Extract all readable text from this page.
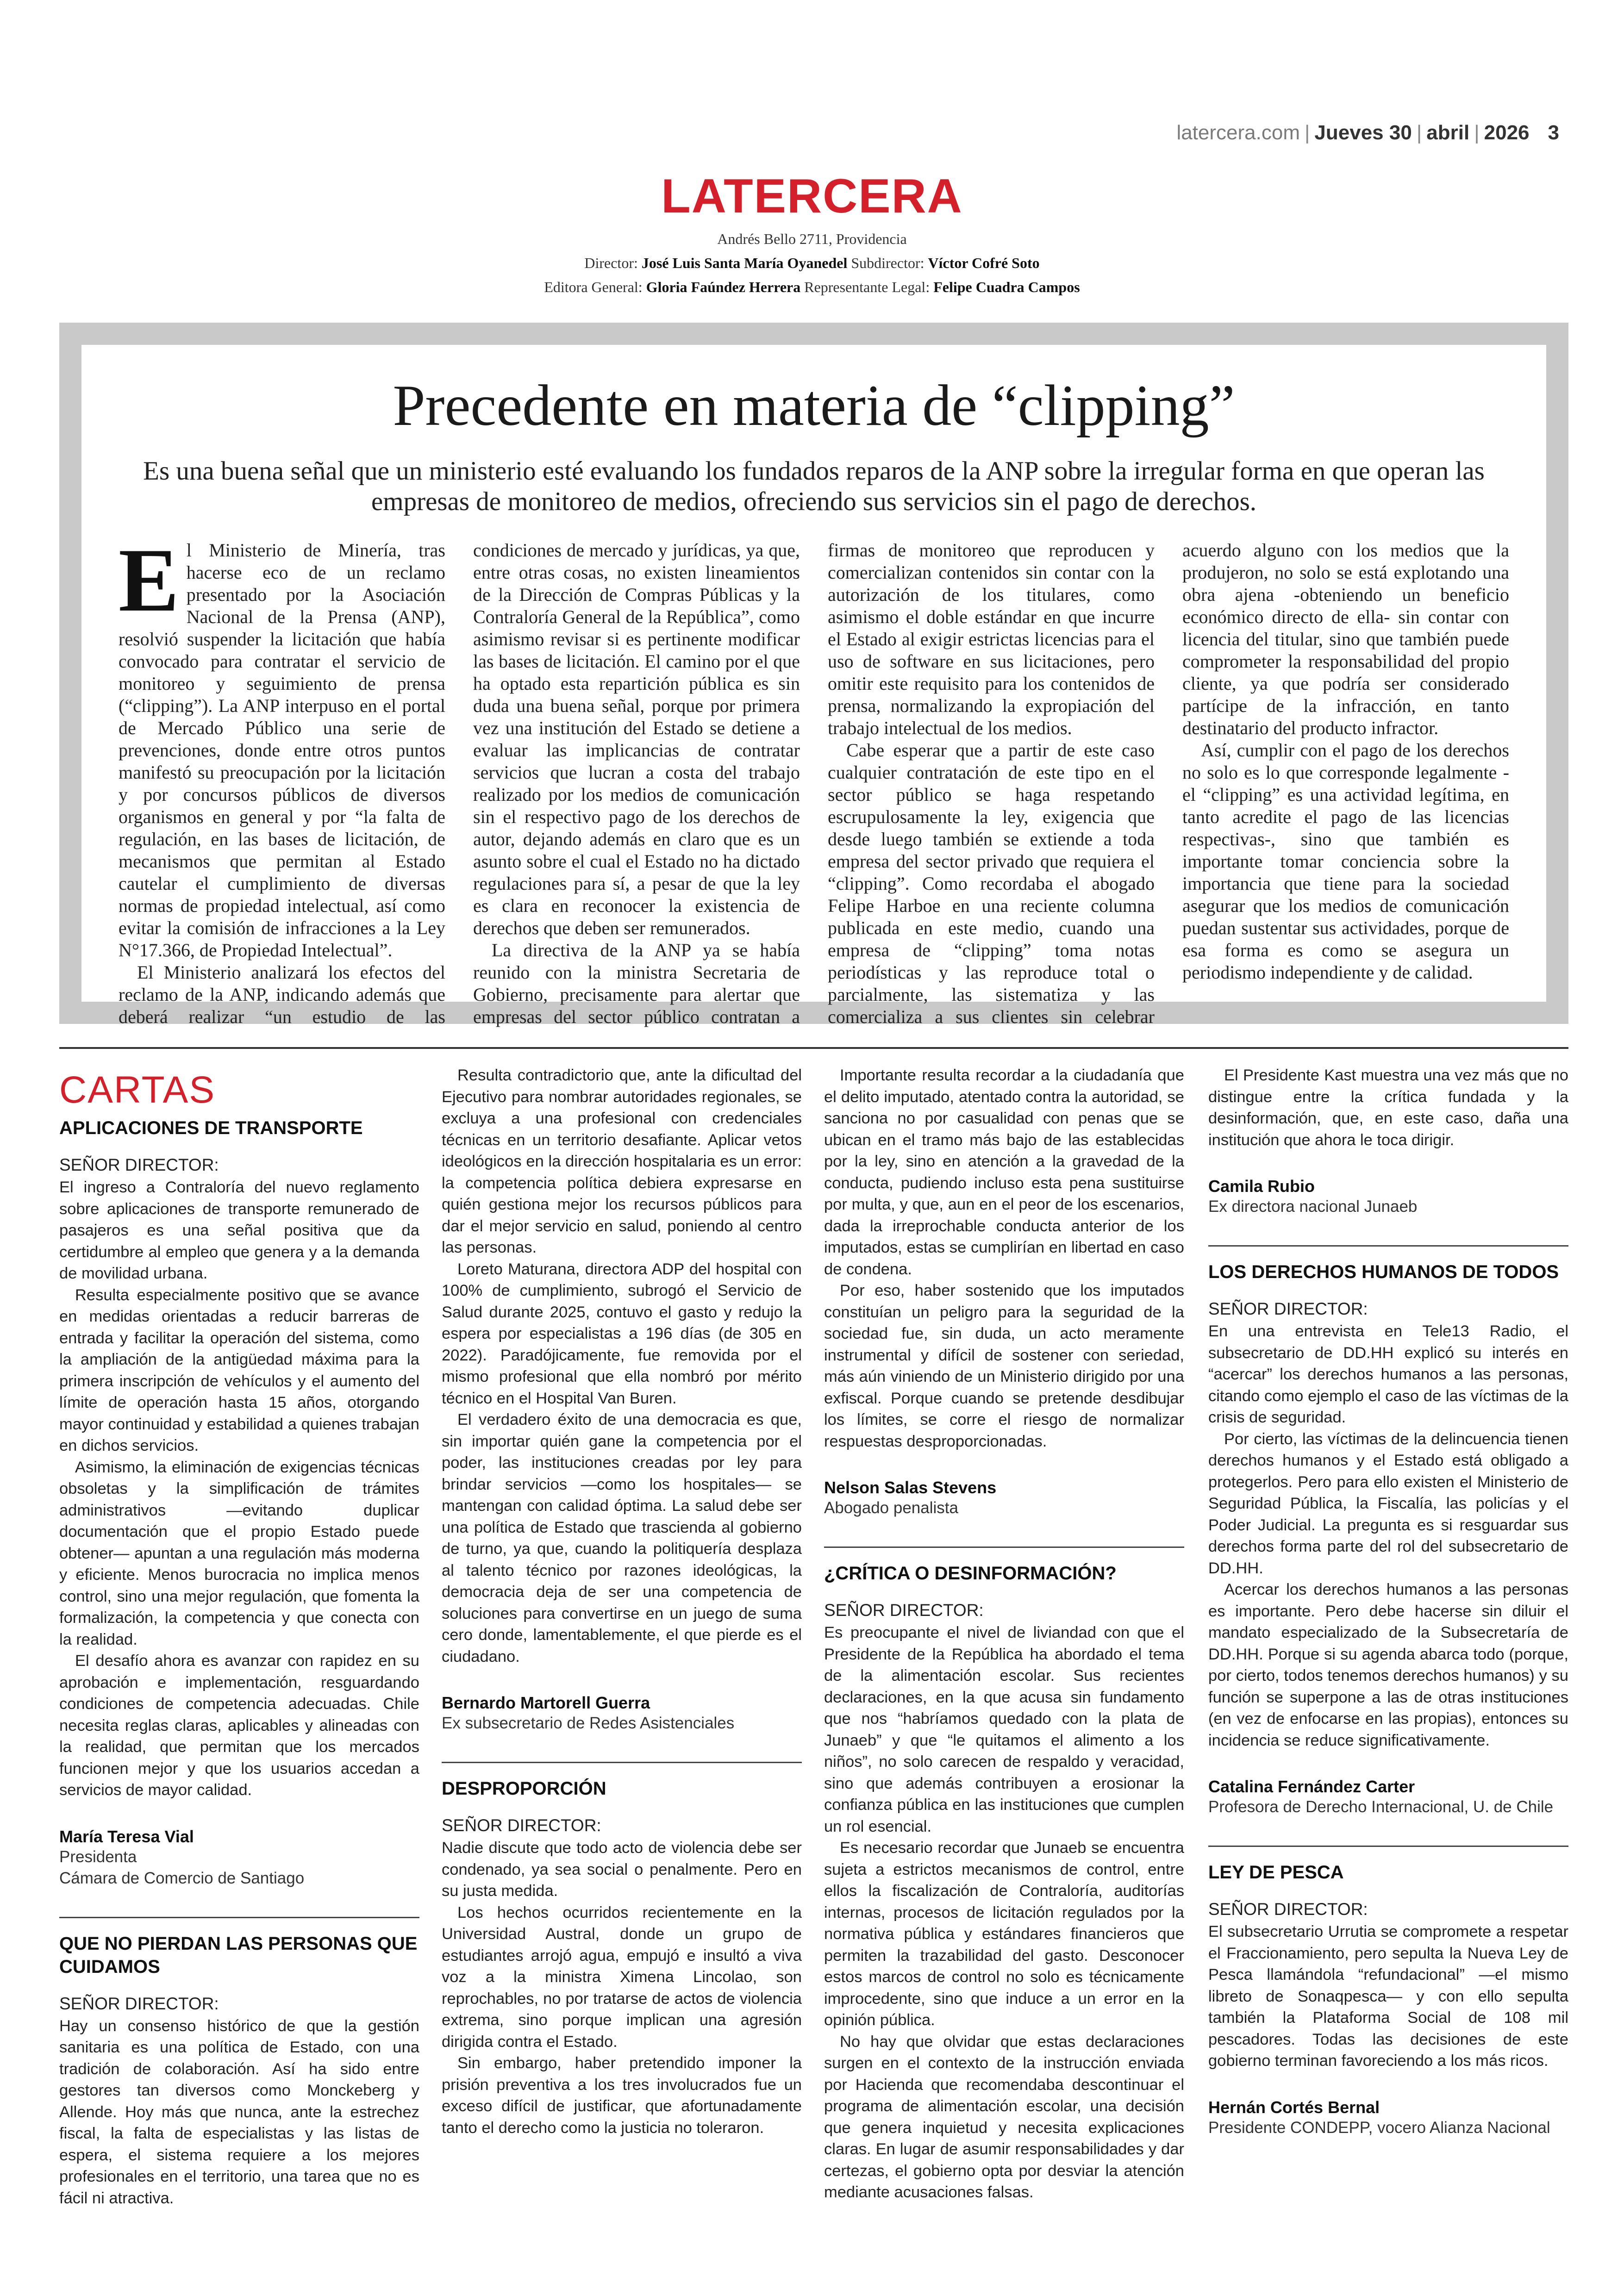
latercera.com | Jueves 30 | abril | 2026 3
LATERCERA
Andrés Bello 2711, Providencia
Director: José Luis Santa María Oyanedel Subdirector: Víctor Cofré Soto
Editora General: Gloria Faúndez Herrera Representante Legal: Felipe Cuadra Campos
Precedente en materia de “clipping”
Es una buena señal que un ministerio esté evaluando los fundados reparos de la ANP sobre la irregular forma en que operan las empresas de monitoreo de medios, ofreciendo sus servicios sin el pago de derechos.

El Ministerio de Minería, tras hacerse eco de un reclamo presentado por la Asociación Nacional de la Prensa (ANP), resolvió suspender la licitación que había convocado para contratar el servicio de monitoreo y seguimiento de prensa (“clipping”). La ANP interpuso en el portal de Mercado Público una serie de prevenciones, donde entre otros puntos manifestó su preocupación por la licitación y por concursos públicos de diversos organismos en general y por “la falta de regulación, en las bases de licitación, de mecanismos que permitan al Estado cautelar el cumplimiento de diversas normas de propiedad intelectual, así como evitar la comisión de infracciones a la Ley N°17.366, de Propiedad Intelectual”.

El Ministerio analizará los efectos del reclamo de la ANP, indicando además que deberá realizar “un estudio de las condiciones de mercado y jurídicas, ya que, entre otras cosas, no existen lineamientos de la Dirección de Compras Públicas y la Contraloría General de la República”, como asimismo revisar si es pertinente modificar las bases de licitación. El camino por el que ha optado esta repartición pública es sin duda una buena señal, porque por primera vez una institución del Estado se detiene a evaluar las implicancias de contratar servicios que lucran a costa del trabajo realizado por los medios de comunicación sin el respectivo pago de los derechos de autor, dejando además en claro que es un asunto sobre el cual el Estado no ha dictado regulaciones para sí, a pesar de que la ley es clara en reconocer la existencia de derechos que deben ser remunerados.

La directiva de la ANP ya se había reunido con la ministra Secretaria de Gobierno, precisamente para alertar que empresas del sector público contratan a firmas de monitoreo que reproducen y comercializan contenidos sin contar con la autorización de los titulares, como asimismo el doble estándar en que incurre el Estado al exigir estrictas licencias para el uso de software en sus licitaciones, pero omitir este requisito para los contenidos de prensa, normalizando la expropiación del trabajo intelectual de los medios.

Cabe esperar que a partir de este caso cualquier contratación de este tipo en el sector público se haga respetando escrupulosamente la ley, exigencia que desde luego también se extiende a toda empresa del sector privado que requiera el “clipping”. Como recordaba el abogado Felipe Harboe en una reciente columna publicada en este medio, cuando una empresa de “clipping” toma notas periodísticas y las reproduce total o parcialmente, las sistematiza y las comercializa a sus clientes sin celebrar acuerdo alguno con los medios que la produjeron, no solo se está explotando una obra ajena -obteniendo un beneficio económico directo de ella- sin contar con licencia del titular, sino que también puede comprometer la responsabilidad del propio cliente, ya que podría ser considerado partícipe de la infracción, en tanto destinatario del producto infractor.

Así, cumplir con el pago de los derechos no solo es lo que corresponde legalmente -el “clipping” es una actividad legítima, en tanto acredite el pago de las licencias respectivas-, sino que también es importante tomar conciencia sobre la importancia que tiene para la sociedad asegurar que los medios de comunicación puedan sustentar sus actividades, porque de esa forma es como se asegura un periodismo independiente y de calidad.

CARTAS
APLICACIONES DE TRANSPORTE
SEÑOR DIRECTOR:

El ingreso a Contraloría del nuevo reglamento sobre aplicaciones de transporte remunerado de pasajeros es una señal positiva que da certidumbre al empleo que genera y a la demanda de movilidad urbana.

Resulta especialmente positivo que se avance en medidas orientadas a reducir barreras de entrada y facilitar la operación del sistema, como la ampliación de la antigüedad máxima para la primera inscripción de vehículos y el aumento del límite de operación hasta 15 años, otorgando mayor continuidad y estabilidad a quienes trabajan en dichos servicios.

Asimismo, la eliminación de exigencias técnicas obsoletas y la simplificación de trámites administrativos —evitando duplicar documentación que el propio Estado puede obtener— apuntan a una regulación más moderna y eficiente. Menos burocracia no implica menos control, sino una mejor regulación, que fomenta la formalización, la competencia y que conecta con la realidad.

El desafío ahora es avanzar con rapidez en su aprobación e implementación, resguardando condiciones de competencia adecuadas. Chile necesita reglas claras, aplicables y alineadas con la realidad, que permitan que los mercados funcionen mejor y que los usuarios accedan a servicios de mayor calidad.

María Teresa Vial
Presidenta
Cámara de Comercio de Santiago
QUE NO PIERDAN LAS PERSONAS QUE CUIDAMOS
SEÑOR DIRECTOR:

Hay un consenso histórico de que la gestión sanitaria es una política de Estado, con una tradición de colaboración. Así ha sido entre gestores tan diversos como Monckeberg y Allende. Hoy más que nunca, ante la estrechez fiscal, la falta de especialistas y las listas de espera, el sistema requiere a los mejores profesionales en el territorio, una tarea que no es fácil ni atractiva.

Resulta contradictorio que, ante la dificultad del Ejecutivo para nombrar autoridades regionales, se excluya a una profesional con credenciales técnicas en un territorio desafiante. Aplicar vetos ideológicos en la dirección hospitalaria es un error: la competencia política debiera expresarse en quién gestiona mejor los recursos públicos para dar el mejor servicio en salud, poniendo al centro las personas.

Loreto Maturana, directora ADP del hospital con 100% de cumplimiento, subrogó el Servicio de Salud durante 2025, contuvo el gasto y redujo la espera por especialistas a 196 días (de 305 en 2022). Paradójicamente, fue removida por el mismo profesional que ella nombró por mérito técnico en el Hospital Van Buren.

El verdadero éxito de una democracia es que, sin importar quién gane la competencia por el poder, las instituciones creadas por ley para brindar servicios —como los hospitales— se mantengan con calidad óptima. La salud debe ser una política de Estado que trascienda al gobierno de turno, ya que, cuando la politiquería desplaza al talento técnico por razones ideológicas, la democracia deja de ser una competencia de soluciones para convertirse en un juego de suma cero donde, lamentablemente, el que pierde es el ciudadano.

Bernardo Martorell Guerra
Ex subsecretario de Redes Asistenciales
DESPROPORCIÓN
SEÑOR DIRECTOR:

Nadie discute que todo acto de violencia debe ser condenado, ya sea social o penalmente. Pero en su justa medida.

Los hechos ocurridos recientemente en la Universidad Austral, donde un grupo de estudiantes arrojó agua, empujó e insultó a viva voz a la ministra Ximena Lincolao, son reprochables, no por tratarse de actos de violencia extrema, sino porque implican una agresión dirigida contra el Estado.

Sin embargo, haber pretendido imponer la prisión preventiva a los tres involucrados fue un exceso difícil de justificar, que afortunadamente tanto el derecho como la justicia no toleraron.

Importante resulta recordar a la ciudadanía que el delito imputado, atentado contra la autoridad, se sanciona no por casualidad con penas que se ubican en el tramo más bajo de las establecidas por la ley, sino en atención a la gravedad de la conducta, pudiendo incluso esta pena sustituirse por multa, y que, aun en el peor de los escenarios, dada la irreprochable conducta anterior de los imputados, estas se cumplirían en libertad en caso de condena.

Por eso, haber sostenido que los imputados constituían un peligro para la seguridad de la sociedad fue, sin duda, un acto meramente instrumental y difícil de sostener con seriedad, más aún viniendo de un Ministerio dirigido por una exfiscal. Porque cuando se pretende desdibujar los límites, se corre el riesgo de normalizar respuestas desproporcionadas.

Nelson Salas Stevens
Abogado penalista
¿CRÍTICA O DESINFORMACIÓN?
SEÑOR DIRECTOR:

Es preocupante el nivel de liviandad con que el Presidente de la República ha abordado el tema de la alimentación escolar. Sus recientes declaraciones, en la que acusa sin fundamento que nos “habríamos quedado con la plata de Junaeb” y que “le quitamos el alimento a los niños”, no solo carecen de respaldo y veracidad, sino que además contribuyen a erosionar la confianza pública en las instituciones que cumplen un rol esencial.

Es necesario recordar que Junaeb se encuentra sujeta a estrictos mecanismos de control, entre ellos la fiscalización de Contraloría, auditorías internas, procesos de licitación regulados por la normativa pública y estándares financieros que permiten la trazabilidad del gasto. Desconocer estos marcos de control no solo es técnicamente improcedente, sino que induce a un error en la opinión pública.

No hay que olvidar que estas declaraciones surgen en el contexto de la instrucción enviada por Hacienda que recomendaba descontinuar el programa de alimentación escolar, una decisión que genera inquietud y necesita explicaciones claras. En lugar de asumir responsabilidades y dar certezas, el gobierno opta por desviar la atención mediante acusaciones falsas.

El Presidente Kast muestra una vez más que no distingue entre la crítica fundada y la desinformación, que, en este caso, daña una institución que ahora le toca dirigir.

Camila Rubio
Ex directora nacional Junaeb
LOS DERECHOS HUMANOS DE TODOS
SEÑOR DIRECTOR:

En una entrevista en Tele13 Radio, el subsecretario de DD.HH explicó su interés en “acercar” los derechos humanos a las personas, citando como ejemplo el caso de las víctimas de la crisis de seguridad.

Por cierto, las víctimas de la delincuencia tienen derechos humanos y el Estado está obligado a protegerlos. Pero para ello existen el Ministerio de Seguridad Pública, la Fiscalía, las policías y el Poder Judicial. La pregunta es si resguardar sus derechos forma parte del rol del subsecretario de DD.HH.

Acercar los derechos humanos a las personas es importante. Pero debe hacerse sin diluir el mandato especializado de la Subsecretaría de DD.HH. Porque si su agenda abarca todo (porque, por cierto, todos tenemos derechos humanos) y su función se superpone a las de otras instituciones (en vez de enfocarse en las propias), entonces su incidencia se reduce significativamente.

Catalina Fernández Carter
Profesora de Derecho Internacional, U. de Chile
LEY DE PESCA
SEÑOR DIRECTOR:

El subsecretario Urrutia se compromete a respetar el Fraccionamiento, pero sepulta la Nueva Ley de Pesca llamándola “refundacional” —el mismo libreto de Sonaqpesca— y con ello sepulta también la Plataforma Social de 108 mil pescadores. Todas las decisiones de este gobierno terminan favoreciendo a los más ricos.

Hernán Cortés Bernal
Presidente CONDEPP, vocero Alianza Nacional
